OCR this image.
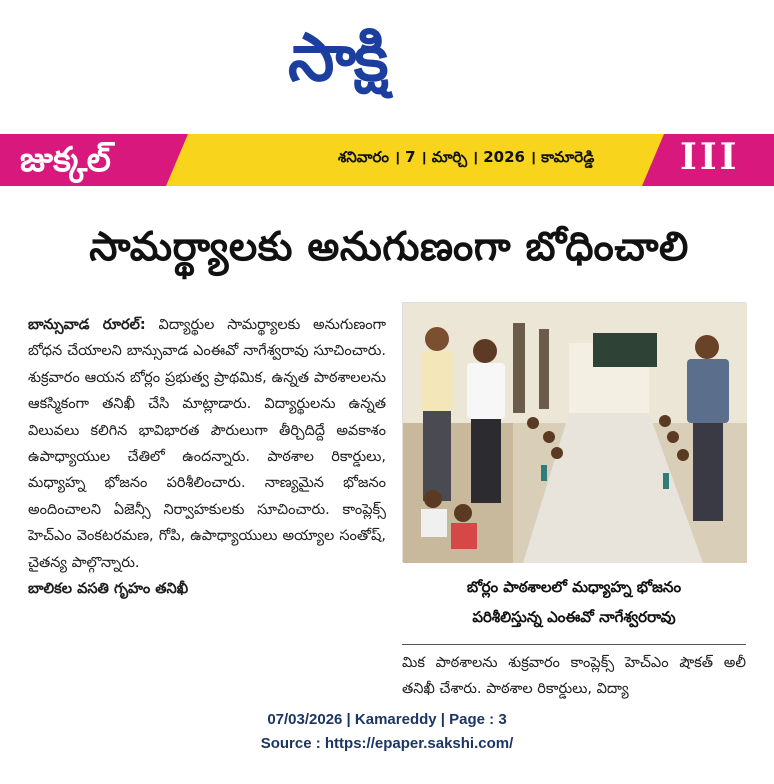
సాక్షి
జుక్కల్	శనివారం । 7 । మార్చి । 2026 । కామారెడ్డి III
సామర్థ్యాలకు అనుగుణంగా బోధించాలి

బాన్సువాడ రూరల్: విద్యార్థుల సామర్థ్యాలకు అనుగుణంగా బోధన చేయాలని బాన్సువాడ ఎంఈవో నాగేశ్వరావు సూచించారు. శుక్రవారం ఆయన బోర్లం ప్రభుత్వ ప్రాథమిక, ఉన్నత పాఠశాలలను ఆకస్మికంగా తనిఖీ చేసి మాట్లాడారు. విద్యార్థులను ఉన్నత విలువలు కలిగిన భావిభారత పౌరులుగా తీర్చిదిద్దే అవకాశం ఉపాధ్యాయుల చేతిలో ఉందన్నారు. పాఠశాల రికార్డులు, మధ్యాహ్న భోజనం పరిశీలించారు. నాణ్యమైన భోజనం అందించాలని ఏజెన్సీ నిర్వాహకులకు సూచించారు. కాంప్లెక్స్ హెచ్ఎం వెంకటరమణ, గోపి, ఉపాధ్యాయులు అయ్యాల సంతోష్, చైతన్య పాల్గొన్నారు.

బాలికల వసతి గృహం తనిఖీ	బోర్లం పాఠశాలలో మధ్యాహ్న భోజనం
పరిశీలిస్తున్న ఎంఈవో నాగేశ్వరరావు
మిక పాఠశాలను శుక్రవారం కాంప్లెక్స్ హెచ్ఎం షౌకత్ అలీ తనిఖీ చేశారు. పాఠశాల రికార్డులు, విద్యా
07/03/2026 | Kamareddy | Page : 3
Source : https://epaper.sakshi.com/
